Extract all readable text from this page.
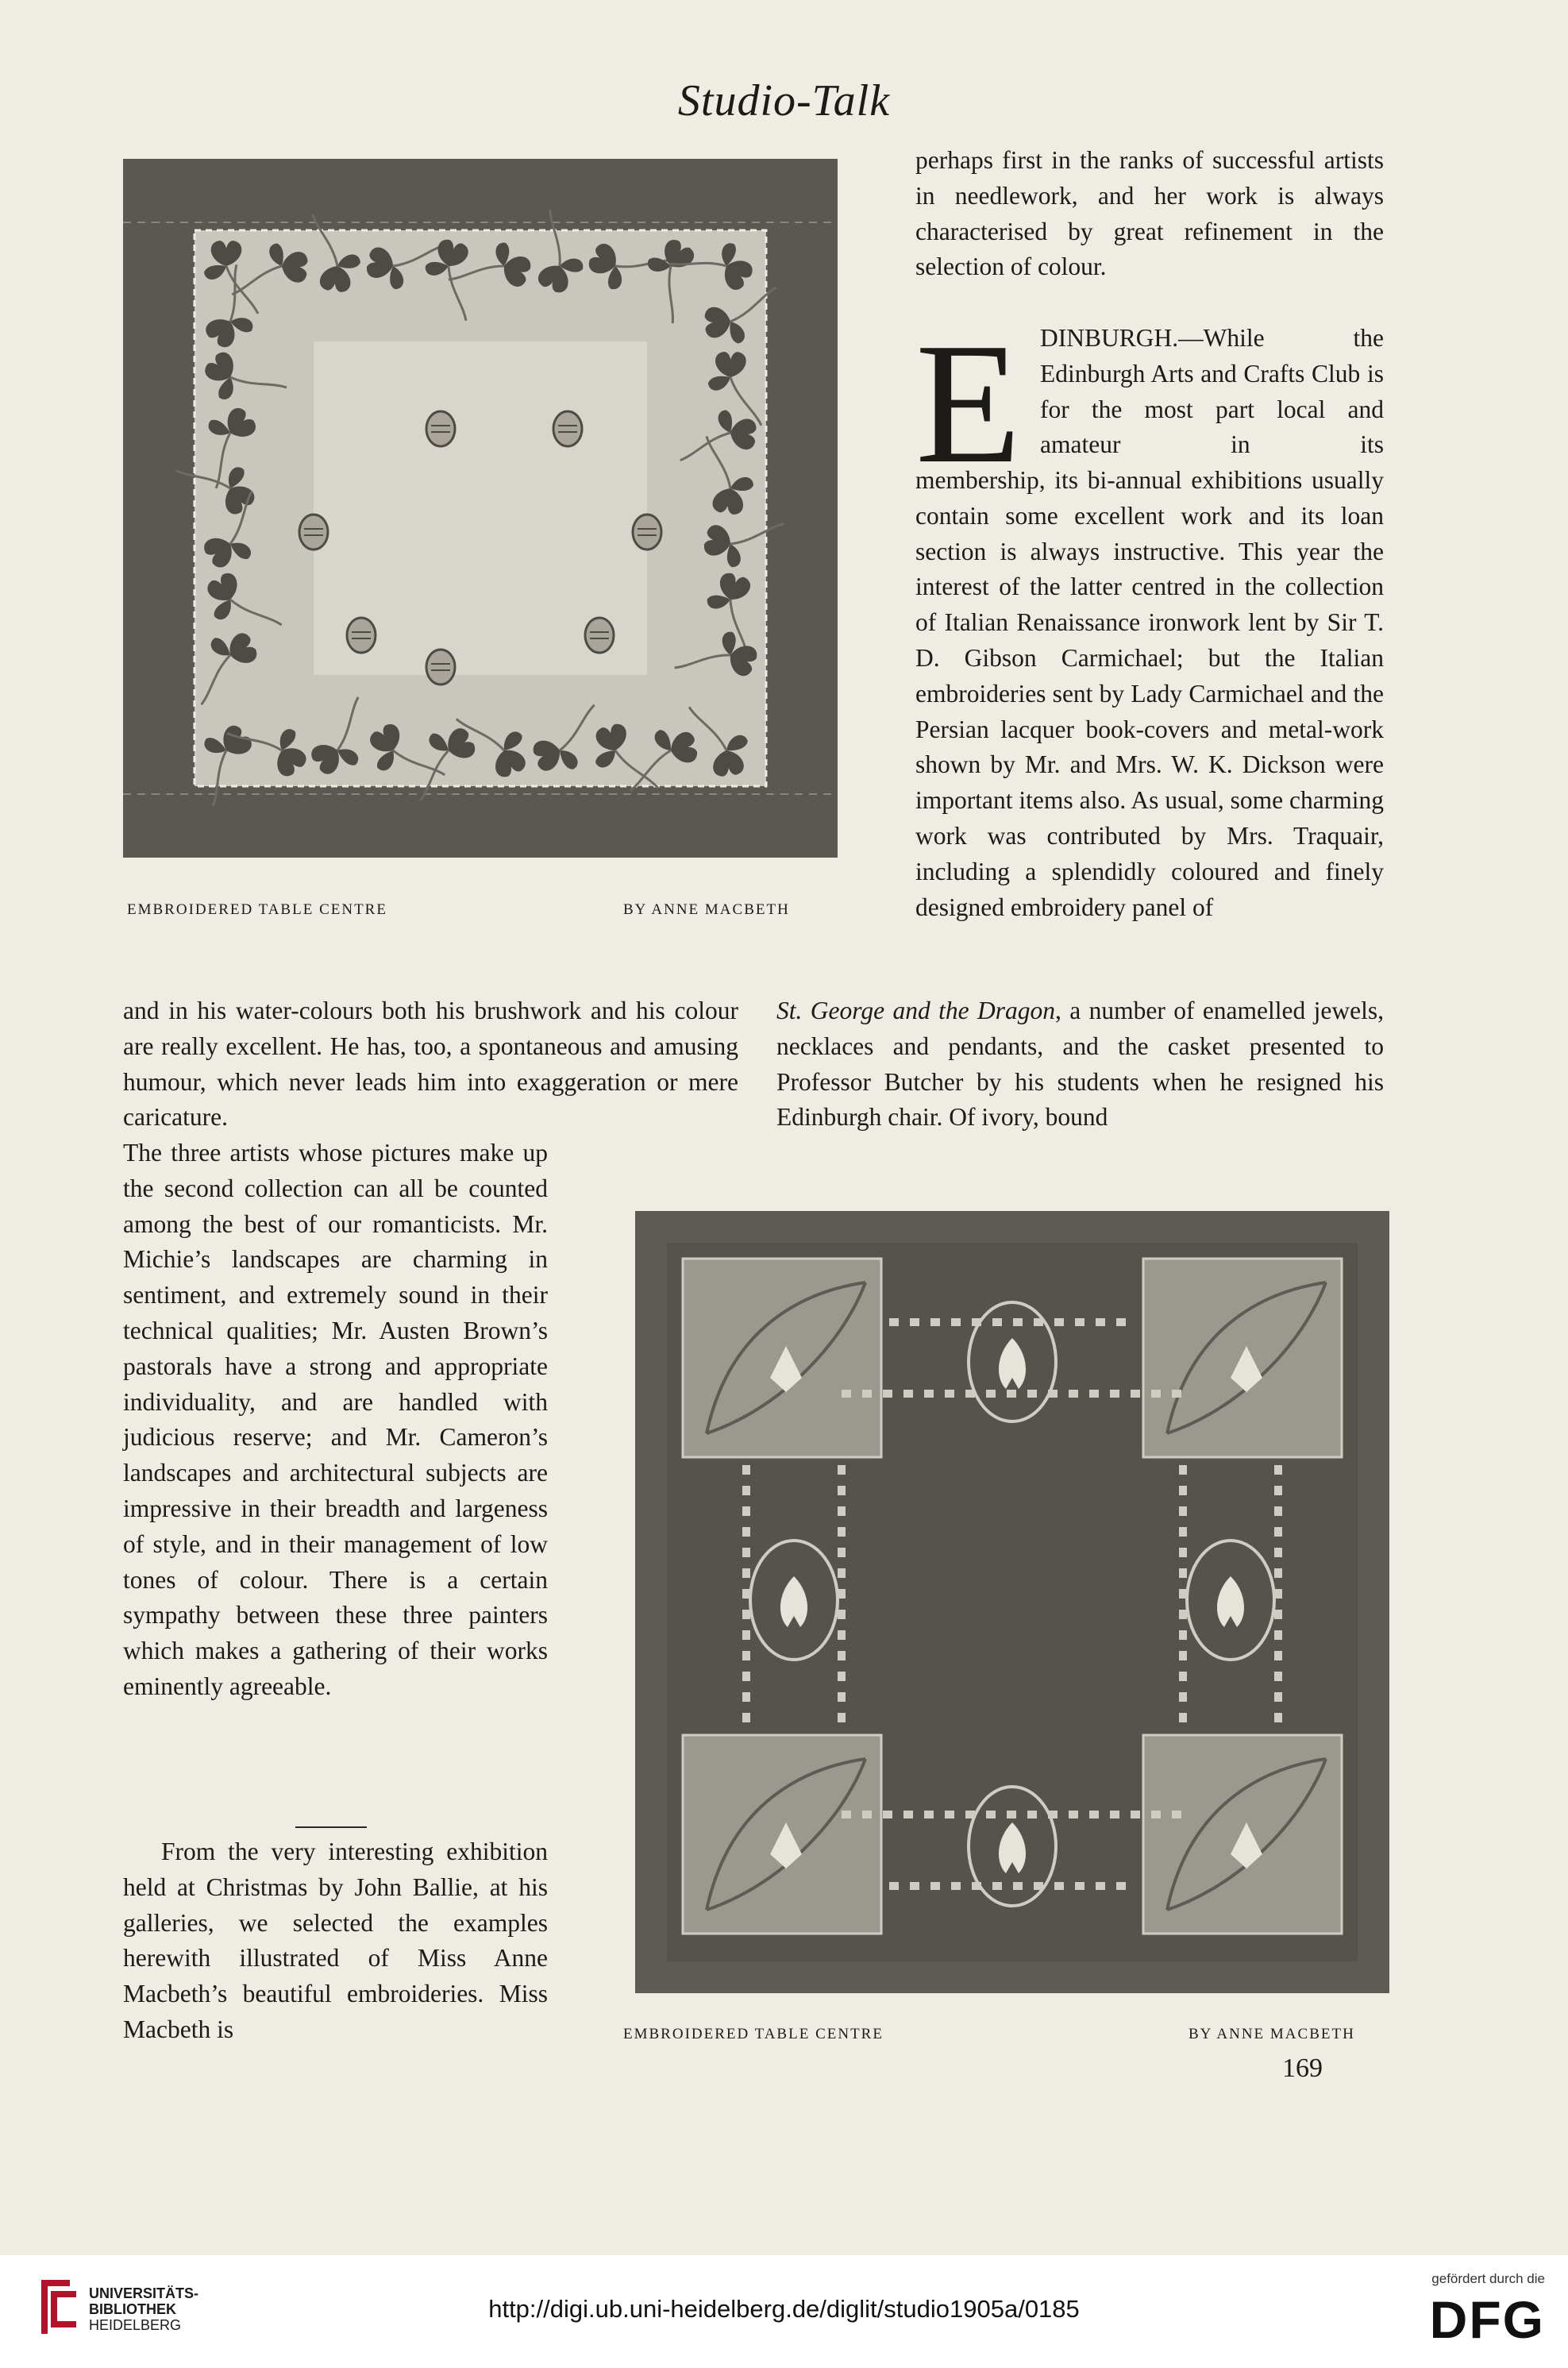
Studio-Talk
EMBROIDERED TABLE CENTRE	BY ANNE MACBETH
EMBROIDERED TABLE CENTRE	BY ANNE MACBETH

perhaps first in the ranks of successful artists in needlework, and her work is always characterised by great refinement in the selection of colour.

E DINBURGH.—While the Edinburgh Arts and Crafts Club is for the most part local and amateur in its

membership, its bi-annual exhibitions usually contain some excellent work and its loan section is always instructive. This year the interest of the latter centred in the collection of Italian Renaissance ironwork lent by Sir T. D. Gibson Carmichael; but the Italian embroideries sent by Lady Carmichael and the Persian lacquer book-covers and metal-work shown by Mr. and Mrs. W. K. Dickson were important items also. As usual, some charming work was contributed by Mrs. Traquair, including a splendidly coloured and finely designed embroidery panel of

St. George and the Dragon, a number of enamelled jewels, necklaces and pendants, and the casket presented to Professor Butcher by his students when he resigned his Edinburgh chair. Of ivory, bound

and in his water-colours both his brushwork and his colour are really excellent. He has, too, a spontaneous and amusing humour, which never leads him into exaggeration or mere caricature.

The three artists whose pictures make up the second collection can all be counted among the best of our romanticists. Mr. Michie’s landscapes are charming in sentiment, and extremely sound in their technical qualities; Mr. Austen Brown’s pastorals have a strong and appropriate individuality, and are handled with judicious reserve; and Mr. Cameron’s landscapes and architectural subjects are impressive in their breadth and largeness of style, and in their management of low tones of colour. There is a certain sympathy between these three painters which makes a gathering of their works eminently agreeable.

From the very interesting exhibition held at Christmas by John Ballie, at his galleries, we selected the examples herewith illustrated of Miss Anne Macbeth’s beautiful embroideries. Miss Macbeth is

169
UNIVERSITÄTS-
BIBLIOTHEK
HEIDELBERG
http://digi.ub.uni-heidelberg.de/diglit/studio1905a/0185
gefördert durch die
DFG
